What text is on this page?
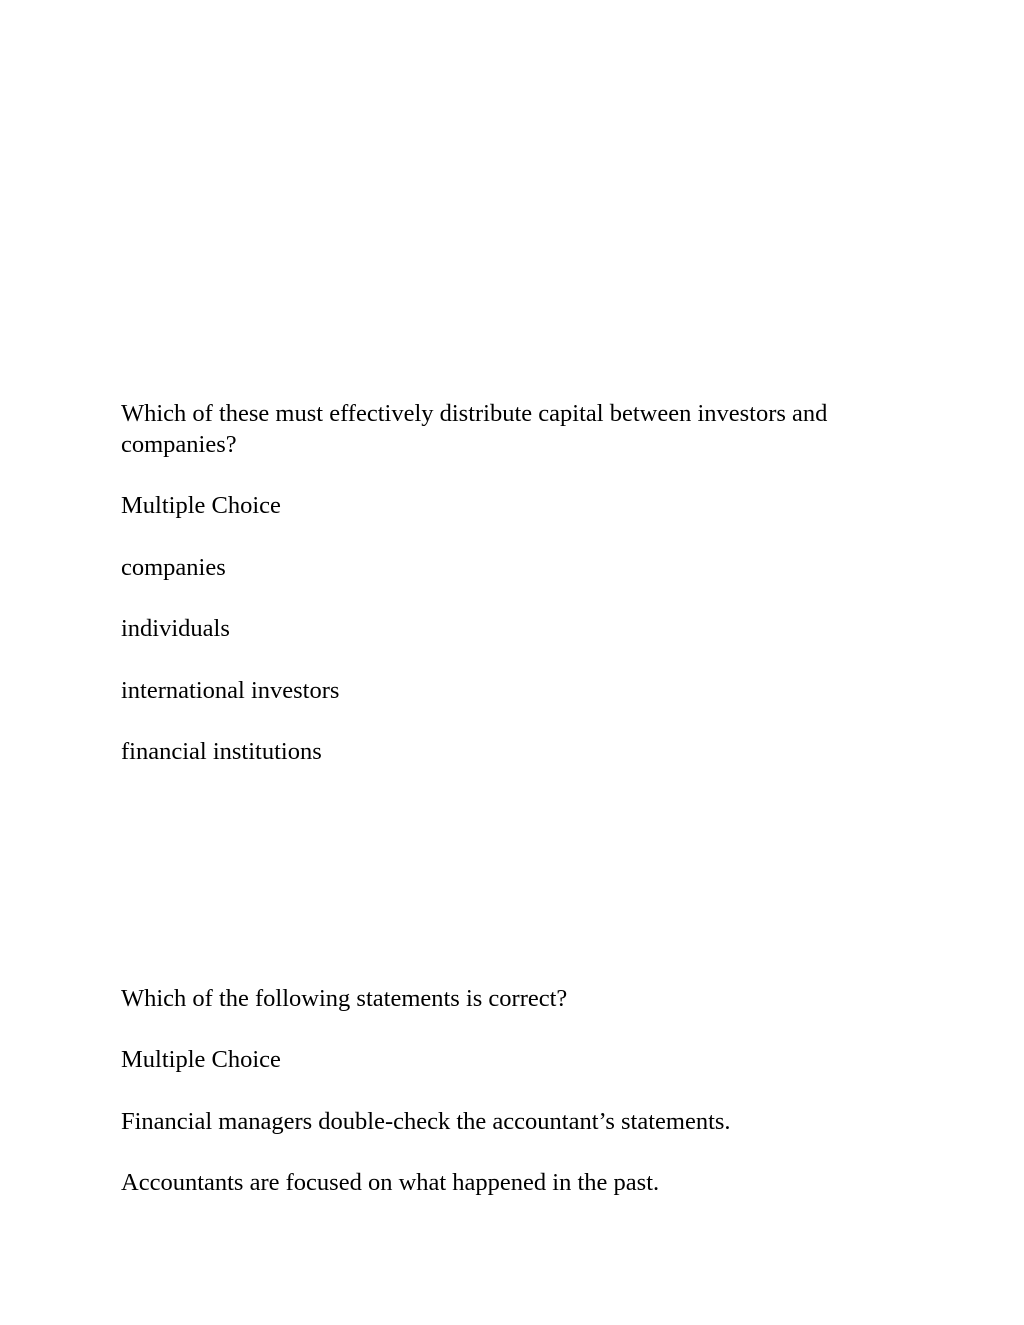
Which of these must effectively distribute capital between investors and companies?

Multiple Choice

companies

individuals

international investors

financial institutions

Which of the following statements is correct?

Multiple Choice

Financial managers double-check the accountant’s statements.

Accountants are focused on what happened in the past.
